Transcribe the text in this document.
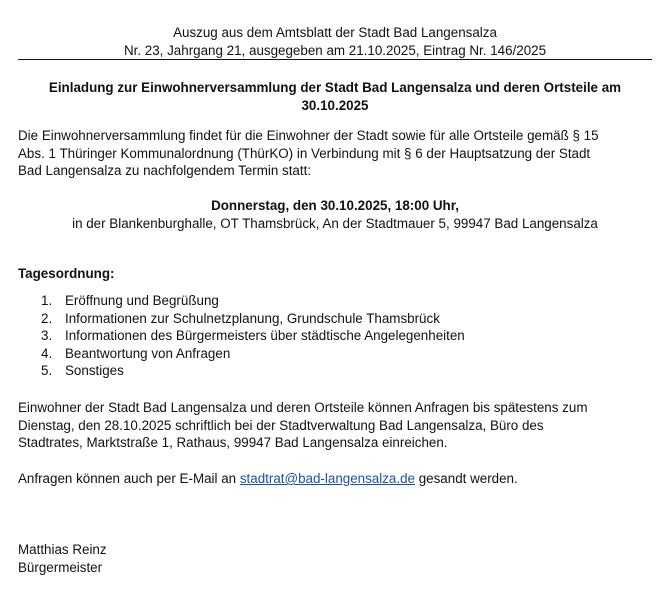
Auszug aus dem Amtsblatt der Stadt Bad Langensalza
Nr. 23, Jahrgang 21, ausgegeben am 21.10.2025, Eintrag Nr. 146/2025
Einladung zur Einwohnerversammlung der Stadt Bad Langensalza und deren Ortsteile am
30.10.2025
Die Einwohnerversammlung findet für die Einwohner der Stadt sowie für alle Ortsteile gemäß § 15
Abs. 1 Thüringer Kommunalordnung (ThürKO) in Verbindung mit § 6 der Hauptsatzung der Stadt
Bad Langensalza zu nachfolgendem Termin statt:
Donnerstag, den 30.10.2025, 18:00 Uhr,
in der Blankenburghalle, OT Thamsbrück, An der Stadtmauer 5, 99947 Bad Langensalza
Tagesordnung:
1. Eröffnung und Begrüßung
2. Informationen zur Schulnetzplanung, Grundschule Thamsbrück
3. Informationen des Bürgermeisters über städtische Angelegenheiten
4. Beantwortung von Anfragen
5. Sonstiges
Einwohner der Stadt Bad Langensalza und deren Ortsteile können Anfragen bis spätestens zum
Dienstag, den 28.10.2025 schriftlich bei der Stadtverwaltung Bad Langensalza, Büro des
Stadtrates, Marktstraße 1, Rathaus, 99947 Bad Langensalza einreichen.
Anfragen können auch per E-Mail an stadtrat@bad-langensalza.de gesandt werden.
Matthias Reinz
Bürgermeister
